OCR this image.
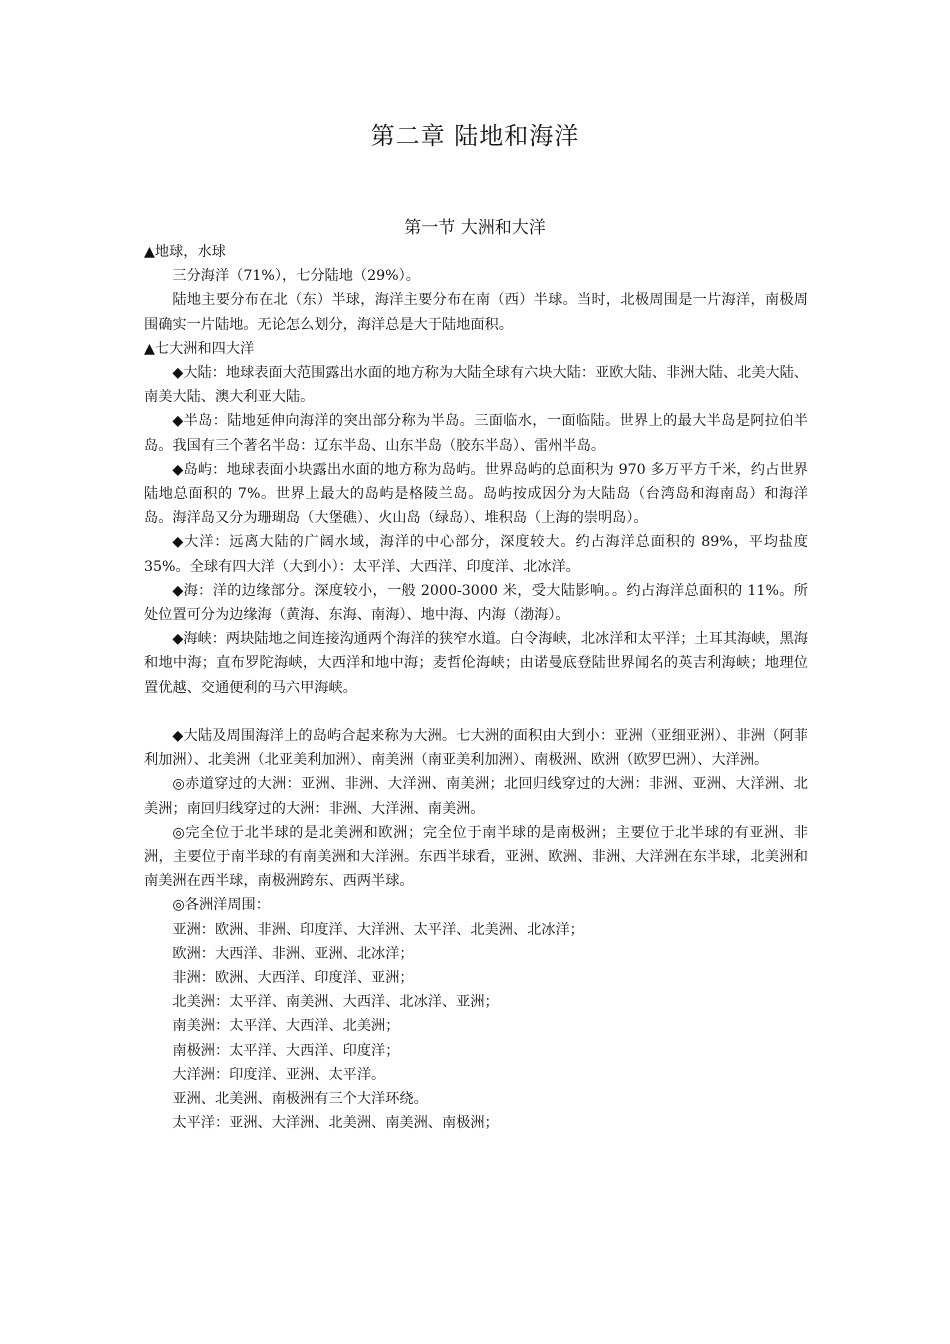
第二章 陆地和海洋
第一节 大洲和大洋

▲地球，水球

三分海洋（71%），七分陆地（29%）。

陆地主要分布在北（东）半球，海洋主要分布在南（西）半球。当时，北极周围是一片海洋，南极周围确实一片陆地。无论怎么划分，海洋总是大于陆地面积。

▲七大洲和四大洋

◆大陆：地球表面大范围露出水面的地方称为大陆全球有六块大陆：亚欧大陆、非洲大陆、北美大陆、南美大陆、澳大利亚大陆。

◆半岛：陆地延伸向海洋的突出部分称为半岛。三面临水，一面临陆。世界上的最大半岛是阿拉伯半岛。我国有三个著名半岛：辽东半岛、山东半岛（胶东半岛）、雷州半岛。

◆岛屿：地球表面小块露出水面的地方称为岛屿。世界岛屿的总面积为 970 多万平方千米，约占世界陆地总面积的 7%。世界上最大的岛屿是格陵兰岛。岛屿按成因分为大陆岛（台湾岛和海南岛）和海洋岛。海洋岛又分为珊瑚岛（大堡礁）、火山岛（绿岛）、堆积岛（上海的崇明岛）。

◆大洋：远离大陆的广阔水域，海洋的中心部分，深度较大。约占海洋总面积的 89%，平均盐度 35%。全球有四大洋（大到小）：太平洋、大西洋、印度洋、北冰洋。

◆海：洋的边缘部分。深度较小，一般 2000-3000 米，受大陆影响。。约占海洋总面积的 11%。所处位置可分为边缘海（黄海、东海、南海）、地中海、内海（渤海）。

◆海峡：两块陆地之间连接沟通两个海洋的狭窄水道。白令海峡，北冰洋和太平洋；土耳其海峡，黑海和地中海；直布罗陀海峡，大西洋和地中海；麦哲伦海峡；由诺曼底登陆世界闻名的英吉利海峡；地理位置优越、交通便利的马六甲海峡。

◆大陆及周围海洋上的岛屿合起来称为大洲。七大洲的面积由大到小：亚洲（亚细亚洲）、非洲（阿菲利加洲）、北美洲（北亚美利加洲）、南美洲（南亚美利加洲）、南极洲、欧洲（欧罗巴洲）、大洋洲。

◎赤道穿过的大洲：亚洲、非洲、大洋洲、南美洲；北回归线穿过的大洲：非洲、亚洲、大洋洲、北美洲；南回归线穿过的大洲：非洲、大洋洲、南美洲。

◎完全位于北半球的是北美洲和欧洲；完全位于南半球的是南极洲；主要位于北半球的有亚洲、非洲，主要位于南半球的有南美洲和大洋洲。东西半球看，亚洲、欧洲、非洲、大洋洲在东半球，北美洲和南美洲在西半球，南极洲跨东、西两半球。

◎各洲洋周围：

亚洲：欧洲、非洲、印度洋、大洋洲、太平洋、北美洲、北冰洋；

欧洲：大西洋、非洲、亚洲、北冰洋；

非洲：欧洲、大西洋、印度洋、亚洲；

北美洲：太平洋、南美洲、大西洋、北冰洋、亚洲；

南美洲：太平洋、大西洋、北美洲；

南极洲：太平洋、大西洋、印度洋；

大洋洲：印度洋、亚洲、太平洋。

亚洲、北美洲、南极洲有三个大洋环绕。

太平洋：亚洲、大洋洲、北美洲、南美洲、南极洲；
